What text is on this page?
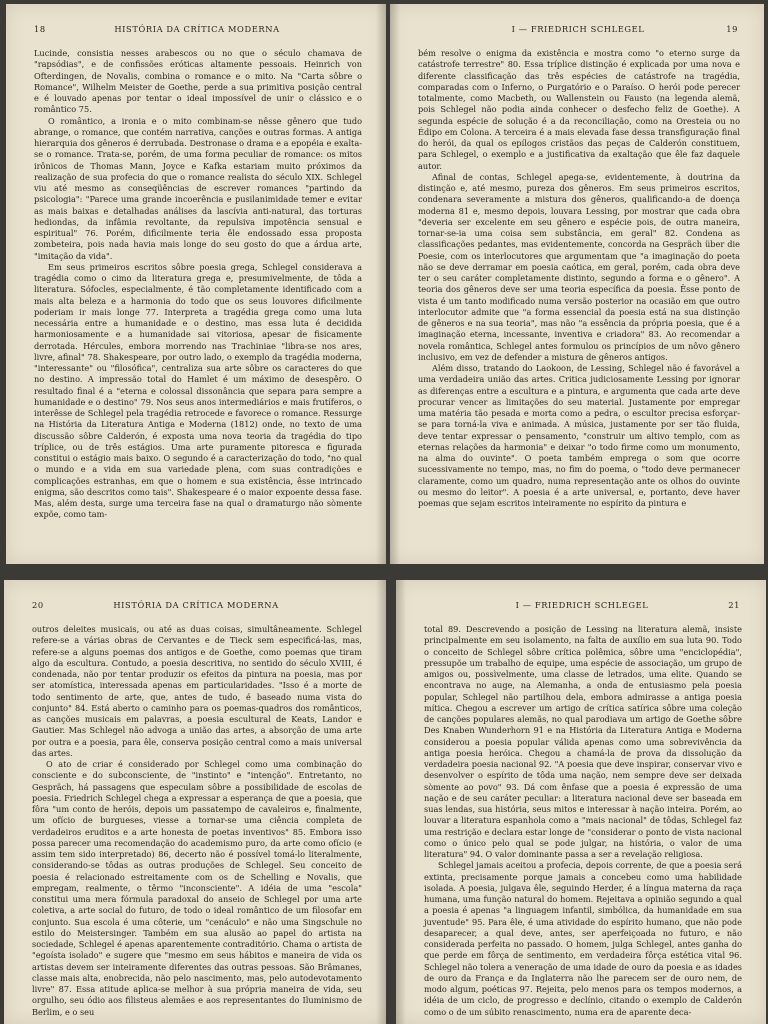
18	HISTÓRIA DA CRÍTICA MODERNA

Lucinde, consistia nesses arabescos ou no que o século chamava de "rapsódias", e de confissões eróticas altamente pessoais. Heinrich von Ofterdingen, de Novalis, combina o romance e o mito. Na "Carta sôbre o Romance", Wilhelm Meister de Goethe, perde a sua primitiva posição central e é louvado apenas por tentar o ideal impossível de unir o clássico e o romântico 75.

O romântico, a ironia e o mito combinam-se nêsse gênero que tudo abrange, o romance, que contém narrativa, canções e outras formas. A antiga hierarquia dos gêneros é derrubada. Destronase o drama e a epopéia e exalta-se o romance. Trata-se, porém, de uma forma peculiar de romance: os mitos irônicos de Thomas Mann, Joyce e Kafka estariam muito próximos da realização de sua profecia do que o romance realista do século XIX. Schlegel viu até mesmo as conseqüências de escrever romances "partindo da psicologia": "Parece uma grande incoerência e pusilanimidade temer e evitar as mais baixas e detalhadas análises da lascívia anti-natural, das torturas hediondas, da infâmia revoltante, da repulsiva impotência sensual e espiritual" 76. Porém, dificilmente teria êle endossado essa proposta zombeteira, pois nada havia mais longe do seu gosto do que a árdua arte, "imitação da vida".

Em seus primeiros escritos sôbre poesia grega, Schlegel considerava a tragédia como o cimo da literatura grega e, presumivelmente, de tôda a literatura. Sófocles, especialmente, é tão completamente identificado com a mais alta beleza e a harmonia do todo que os seus louvores dificilmente poderiam ir mais longe 77. Interpreta a tragédia grega como uma luta necessária entre a humanidade e o destino, mas essa luta é decidida harmoniosamente e a humanidade sai vitoriosa, apesar de fisicamente derrotada. Hércules, embora morrendo nas Trachiniae "libra-se nos ares, livre, afinal" 78. Shakespeare, por outro lado, o exemplo da tragédia moderna, "interessante" ou "filosófica", centraliza sua arte sôbre os caracteres do que no destino. A impressão total do Hamlet é um máximo de desespêro. O resultado final é a "eterna e colossal dissonância que separa para sempre a humanidade e o destino" 79. Nos seus anos intermediários e mais frutíferos, o interêsse de Schlegel pela tragédia retrocede e favorece o romance. Ressurge na História da Literatura Antiga e Moderna (1812) onde, no texto de uma discussão sôbre Calderón, é exposta uma nova teoria da tragédia do tipo tríplice, ou de três estágios. Uma arte puramente pitoresca e figurada constitui o estágio mais baixo. O segundo é a caracterização do todo, "no qual o mundo e a vida em sua variedade plena, com suas contradições e complicações estranhas, em que o homem e sua existência, êsse intrincado enigma, são descritos como tais". Shakespeare é o maior expoente dessa fase. Mas, além desta, surge uma terceira fase na qual o dramaturgo não sòmente expõe, como tam-

I — FRIEDRICH SCHLEGEL	19

bém resolve o enigma da existência e mostra como "o eterno surge da catástrofe terrestre" 80. Essa tríplice distinção é explicada por uma nova e diferente classificação das três espécies de catástrofe na tragédia, comparadas com o Inferno, o Purgatório e o Paraíso. O herói pode perecer totalmente, como Macbeth, ou Wallenstein ou Fausto (na legenda alemã, pois Schlegel não podia ainda conhecer o desfecho feliz de Goethe). A segunda espécie de solução é a da reconciliação, como na Oresteia ou no Édipo em Colona. A terceira é a mais elevada fase dessa transfiguração final do herói, da qual os epílogos cristãos das peças de Calderón constituem, para Schlegel, o exemplo e a justificativa da exaltação que êle faz daquele autor.

Afinal de contas, Schlegel apega-se, evidentemente, à doutrina da distinção e, até mesmo, pureza dos gêneros. Em seus primeiros escritos, condenara severamente a mistura dos gêneros, qualificando-a de doença moderna 81 e, mesmo depois, louvara Lessing, por mostrar que cada obra "deveria ser excelente em seu gênero e espécie pois, de outra maneira, tornar-se-ia uma coisa sem substância, em geral" 82. Condena as classificações pedantes, mas evidentemente, concorda na Gespräch über die Poesie, com os interlocutores que argumentam que "a imaginação do poeta não se deve derramar em poesia caótica, em geral, porém, cada obra deve ter o seu caráter completamente distinto, segundo a forma e o gênero". A teoria dos gêneros deve ser uma teoria específica da poesia. Êsse ponto de vista é um tanto modificado numa versão posterior na ocasião em que outro interlocutor admite que "a forma essencial da poesia está na sua distinção de gêneros e na sua teoria", mas não "a essência da própria poesia, que é a imaginação eterna, incessante, inventiva e criadora" 83. Ao recomendar a novela romântica, Schlegel antes formulou os princípios de um nôvo gênero inclusivo, em vez de defender a mistura de gêneros antigos.

Além disso, tratando do Laokoon, de Lessing, Schlegel não é favorável a uma verdadeira união das artes. Critica judiciosamente Lessing por ignorar as diferenças entre a escultura e a pintura, e argumenta que cada arte deve procurar vencer as limitações do seu material. Justamente por empregar uma matéria tão pesada e morta como a pedra, o escultor precisa esforçar-se para torná-la viva e animada. A música, justamente por ser tão fluida, deve tentar expressar o pensamento, "construir um altivo templo, com as eternas relações da harmonia" e deixar "o todo firme como um monumento, na alma do ouvinte". O poeta também emprega o som que ocorre sucessivamente no tempo, mas, no fim do poema, o "todo deve permanecer claramente, como um quadro, numa representação ante os olhos do ouvinte ou mesmo do leitor". A poesia é a arte universal, e, portanto, deve haver poemas que sejam escritos inteiramente no espírito da pintura e

20	HISTÓRIA DA CRÍTICA MODERNA

outros deleites musicais, ou até as duas coisas, simultâneamente. Schlegel refere-se a várias obras de Cervantes e de Tieck sem especificá-las, mas, refere-se a alguns poemas dos antigos e de Goethe, como poemas que tiram algo da escultura. Contudo, a poesia descritiva, no sentido do século XVIII, é condenada, não por tentar produzir os efeitos da pintura na poesia, mas por ser atomística, interessada apenas em particularidades. "Isso é a morte de todo sentimento de arte, que, antes de tudo, é baseado numa vista do conjunto" 84. Está aberto o caminho para os poemas-quadros dos românticos, as canções musicais em palavras, a poesia escultural de Keats, Landor e Gautier. Mas Schlegel não advoga a união das artes, a absorção de uma arte por outra e a poesia, para êle, conserva posição central como a mais universal das artes.

O ato de criar é considerado por Schlegel como uma combinação do consciente e do subconsciente, de "instinto" e "intenção". Entretanto, no Gespräch, há passagens que especulam sôbre a possibilidade de escolas de poesia. Friedrich Schlegel chega a expressar a esperança de que a poesia, que fôra "um conto de heróis, depois um passatempo de cavaleiros e, finalmente, um ofício de burgueses, viesse a tornar-se uma ciência completa de verdadeiros eruditos e a arte honesta de poetas inventivos" 85. Embora isso possa parecer uma recomendação do academismo puro, da arte como ofício (e assim tem sido interpretado) 86, decerto não é possível tomá-lo literalmente, considerando-se tôdas as outras produções de Schlegel. Seu conceito de poesia é relacionado estreitamente com os de Schelling e Novalis, que empregam, realmente, o têrmo "inconsciente". A idéia de uma "escola" constitui uma mera fórmula paradoxal do anseio de Schlegel por uma arte coletiva, a arte social do futuro, de todo o ideal romântico de um filosofar em conjunto. Sua escola é uma côterie, um "cenáculo" e não uma Singschule no estilo do Meistersinger. Também em sua alusão ao papel do artista na sociedade, Schlegel é apenas aparentemente contraditório. Chama o artista de "egoísta isolado" e sugere que "mesmo em seus hábitos e maneira de vida os artistas devem ser inteiramente diferentes das outras pessoas. São Brâmanes, classe mais alta, enobrecida, não pelo nascimento, mas, pelo autodevotamento livre" 87. Essa atitude aplica-se melhor à sua própria maneira de vida, seu orgulho, seu ódio aos filisteus alemães e aos representantes do Iluminismo de Berlim, e o seu

I — FRIEDRICH SCHLEGEL	21

total 89. Descrevendo a posição de Lessing na literatura alemã, insiste principalmente em seu isolamento, na falta de auxílio em sua luta 90. Todo o conceito de Schlegel sôbre crítica polêmica, sôbre uma "enciclopédia", pressupõe um trabalho de equipe, uma espécie de associação, um grupo de amigos ou, possìvelmente, uma classe de letrados, uma elite. Quando se encontrava no auge, na Alemanha, a onda de entusiasmo pela poesia popular, Schlegel não partilhou dela, embora admirasse a antiga poesia mítica. Chegou a escrever um artigo de crítica satírica sôbre uma coleção de canções populares alemãs, no qual parodiava um artigo de Goethe sôbre Des Knaben Wunderhorn 91 e na História da Literatura Antiga e Moderna considerou a poesia popular válida apenas como uma sobrevivência da antiga poesia heróica. Chegou a chamá-la de prova da dissolução da verdadeira poesia nacional 92. "A poesia que deve inspirar, conservar vivo e desenvolver o espírito de tôda uma nação, nem sempre deve ser deixada sòmente ao povo" 93. Dá com ênfase que a poesia é expressão de uma nação e de seu caráter peculiar: a literatura nacional deve ser baseada em suas lendas, sua história, seus mitos e interessar à nação inteira. Porém, ao louvar a literatura espanhola como a "mais nacional" de tôdas, Schlegel faz uma restrição e declara estar longe de "considerar o ponto de vista nacional como o único pelo qual se pode julgar, na história, o valor de uma literatura" 94. O valor dominante passa a ser a revelação religiosa.

Schlegel jamais aceitou a profecia, depois corrente, de que a poesia será extinta, precisamente porque jamais a concebeu como uma habilidade isolada. A poesia, julgava êle, seguindo Herder, é a língua materna da raça humana, uma função natural do homem. Rejeitava a opinião segundo a qual a poesia é apenas "a linguagem infantil, simbólica, da humanidade em sua juventude" 95. Para êle, é uma atividade do espírito humano, que não pode desaparecer, a qual deve, antes, ser aperfeiçoada no futuro, e não considerada perfeita no passado. O homem, julga Schlegel, antes ganha do que perde em fôrça de sentimento, em verdadeira fôrça estética vital 96. Schlegel não tolera a veneração de uma idade de ouro da poesia e as idades de ouro da França e da Inglaterra não lhe parecem ser de ouro nem, de modo algum, poéticas 97. Rejeita, pelo menos para os tempos modernos, a idéia de um ciclo, de progresso e declínio, citando o exemplo de Calderón como o de um súbito renascimento, numa era de aparente deca-
